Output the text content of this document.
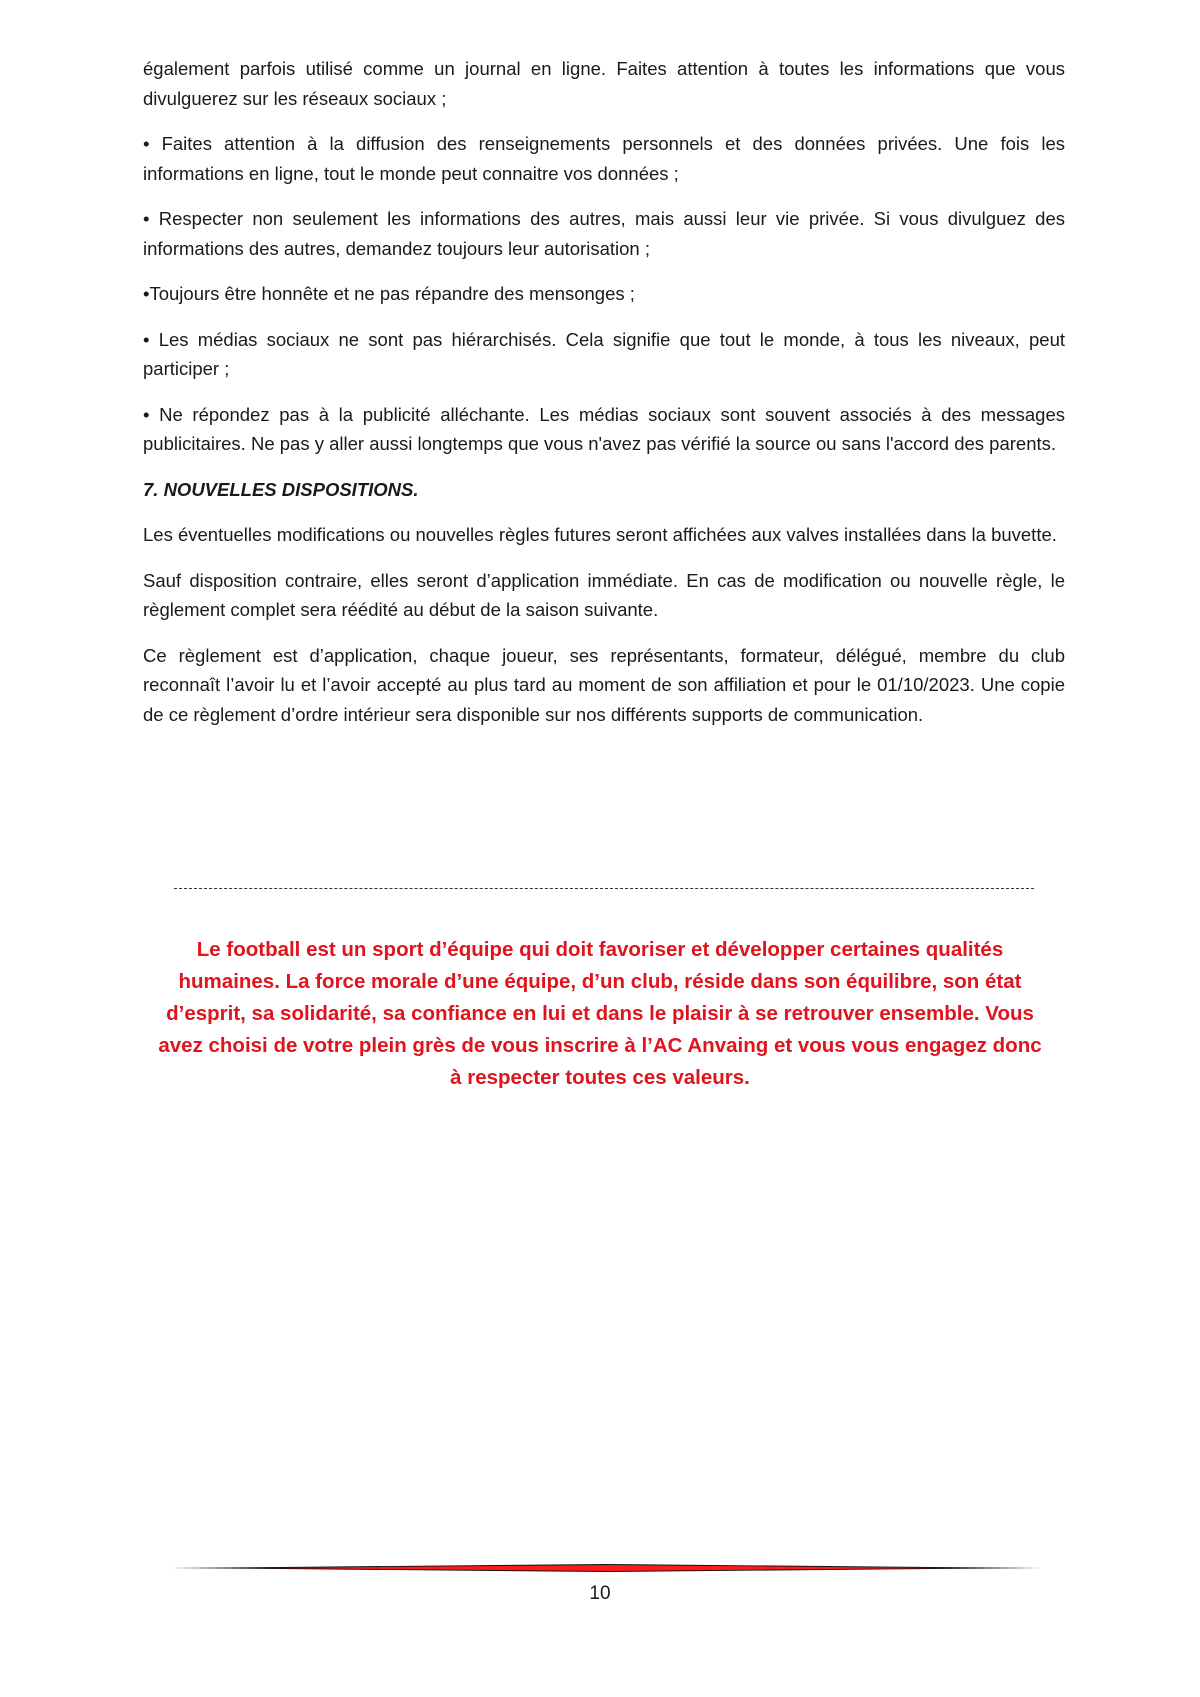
également parfois utilisé comme un journal en ligne. Faites attention à toutes les informations que vous divulguerez sur les réseaux sociaux ;

• Faites attention à la diffusion des renseignements personnels et des données privées. Une fois les informations en ligne, tout le monde peut connaitre vos données ;

• Respecter non seulement les informations des autres, mais aussi leur vie privée. Si vous divulguez des informations des autres, demandez toujours leur autorisation ;

•Toujours être honnête et ne pas répandre des mensonges ;

• Les médias sociaux ne sont pas hiérarchisés. Cela signifie que tout le monde, à tous les niveaux, peut participer ;

• Ne répondez pas à la publicité alléchante. Les médias sociaux sont souvent associés à des messages publicitaires. Ne pas y aller aussi longtemps que vous n'avez pas vérifié la source ou sans l'accord des parents.

7. NOUVELLES DISPOSITIONS.

Les éventuelles modifications ou nouvelles règles futures seront affichées aux valves installées dans la buvette.

Sauf disposition contraire, elles seront d’application immédiate. En cas de modification ou nouvelle règle, le règlement complet sera réédité au début de la saison suivante.

Ce règlement est d’application, chaque joueur, ses représentants, formateur, délégué, membre du club reconnaît l’avoir lu et l’avoir accepté au plus tard au moment de son affiliation et pour le 01/10/2023. Une copie de ce règlement d’ordre intérieur sera disponible sur nos différents supports de communication.

Le football est un sport d’équipe qui doit favoriser et développer certaines qualités humaines. La force morale d’une équipe, d’un club, réside dans son équilibre, son état d’esprit, sa solidarité, sa confiance en lui et dans le plaisir à se retrouver ensemble. Vous avez choisi de votre plein grès de vous inscrire à l’AC Anvaing et vous vous engagez donc à respecter toutes ces valeurs.
10
